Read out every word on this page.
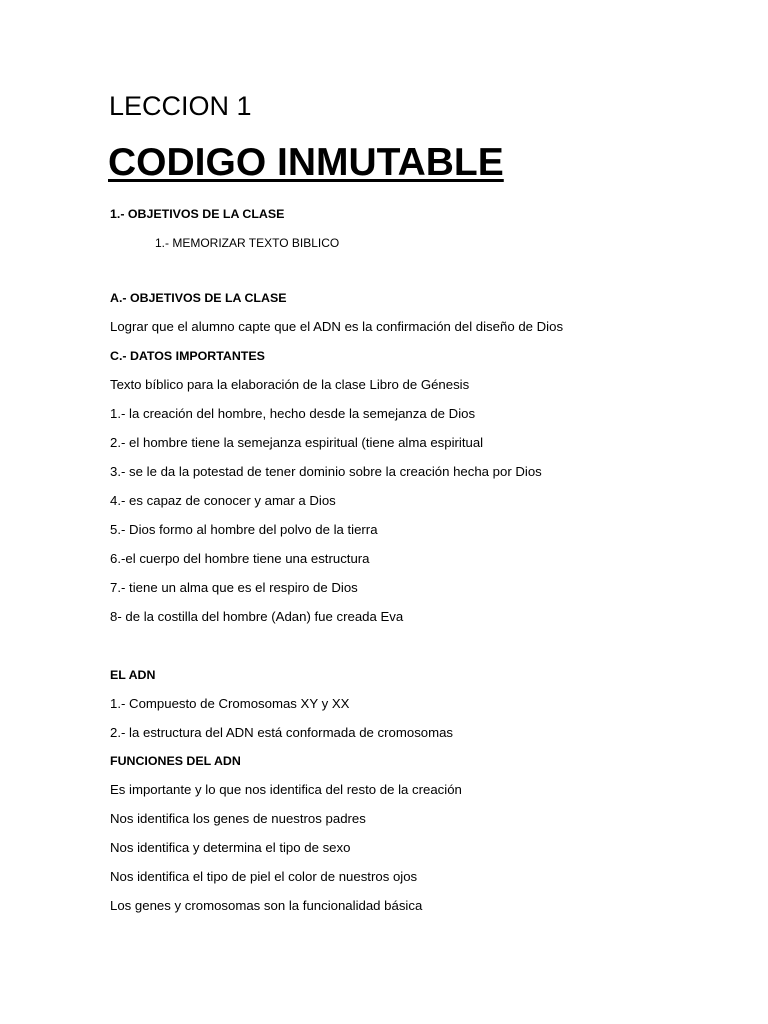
LECCION 1
CODIGO INMUTABLE
1.- OBJETIVOS DE LA CLASE
1.- MEMORIZAR TEXTO BIBLICO
A.- OBJETIVOS DE LA CLASE
Lograr que el alumno capte que el ADN es la confirmación del diseño de Dios
C.- DATOS IMPORTANTES
Texto bíblico para la elaboración de la clase Libro de Génesis
1.- la creación del hombre, hecho desde la semejanza de Dios
2.- el hombre tiene la semejanza espiritual (tiene alma espiritual
3.- se le da la potestad de tener dominio sobre la creación hecha por Dios
4.- es capaz de conocer y amar a Dios
5.- Dios formo al hombre del polvo de la tierra
6.-el cuerpo del hombre tiene una estructura
7.- tiene un alma que es el respiro de Dios
8- de la costilla del hombre (Adan) fue creada Eva
EL ADN
1.- Compuesto de Cromosomas XY y XX
2.- la estructura del ADN está conformada de cromosomas
FUNCIONES DEL ADN
Es importante y lo que nos identifica del resto de la creación
Nos identifica los genes de nuestros padres
Nos identifica y determina el tipo de sexo
Nos identifica el tipo de piel el color de nuestros ojos
Los genes y cromosomas son la funcionalidad básica
